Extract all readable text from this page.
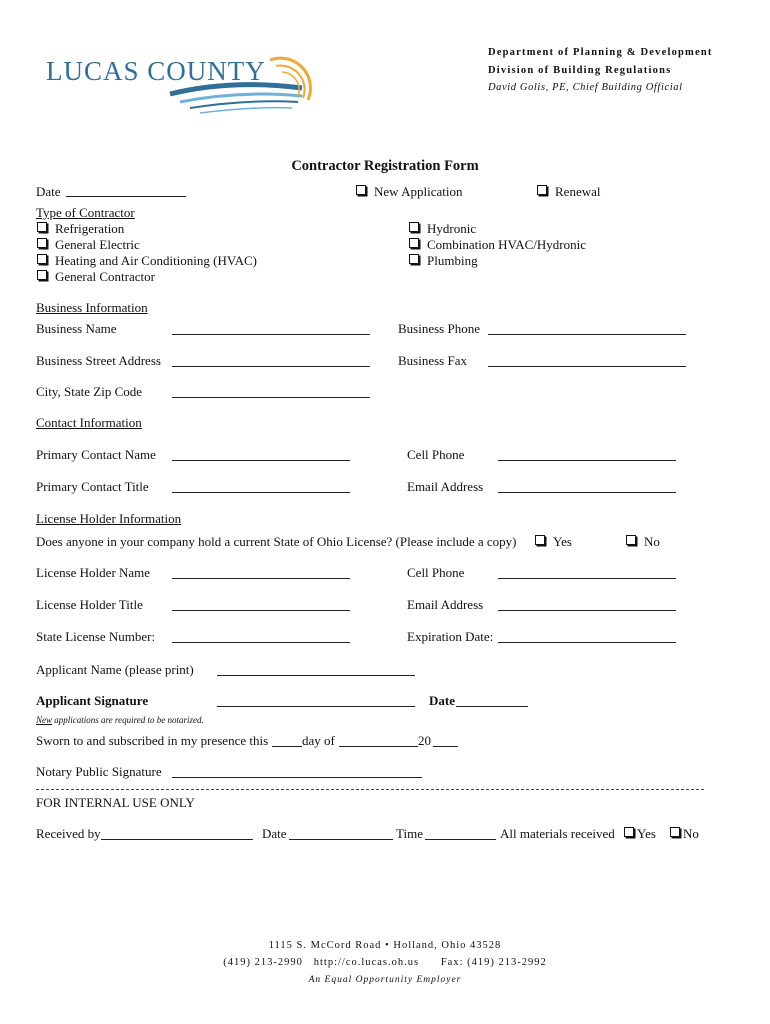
LUCAS COUNTY
Department of Planning & Development
Division of Building Regulations
David Golis, PE, Chief Building Official
Contractor Registration Form
Date	New Application	Renewal
Type of Contractor
Refrigeration
General Electric
Heating and Air Conditioning (HVAC)
General Contractor
Hydronic
Combination HVAC/Hydronic
Plumbing
Business Information
Business Name	Business Phone
Business Street Address	Business Fax
City, State Zip Code
Contact Information
Primary Contact Name	Cell Phone
Primary Contact Title	Email Address
License Holder Information
Does anyone in your company hold a current State of Ohio License? (Please include a copy)	Yes	No
License Holder Name	Cell Phone
License Holder Title	Email Address
State License Number:	Expiration Date:
Applicant Name (please print)
Applicant Signature	Date
New applications are required to be notarized.
Sworn to and subscribed in my presence this	day of	20
Notary Public Signature
FOR INTERNAL USE ONLY
Received by	Date	Time	All materials received	Yes	No
1115 S. McCord Road • Holland, Ohio 43528
(419) 213-2990 http://co.lucas.oh.us Fax: (419) 213-2992
An Equal Opportunity Employer
